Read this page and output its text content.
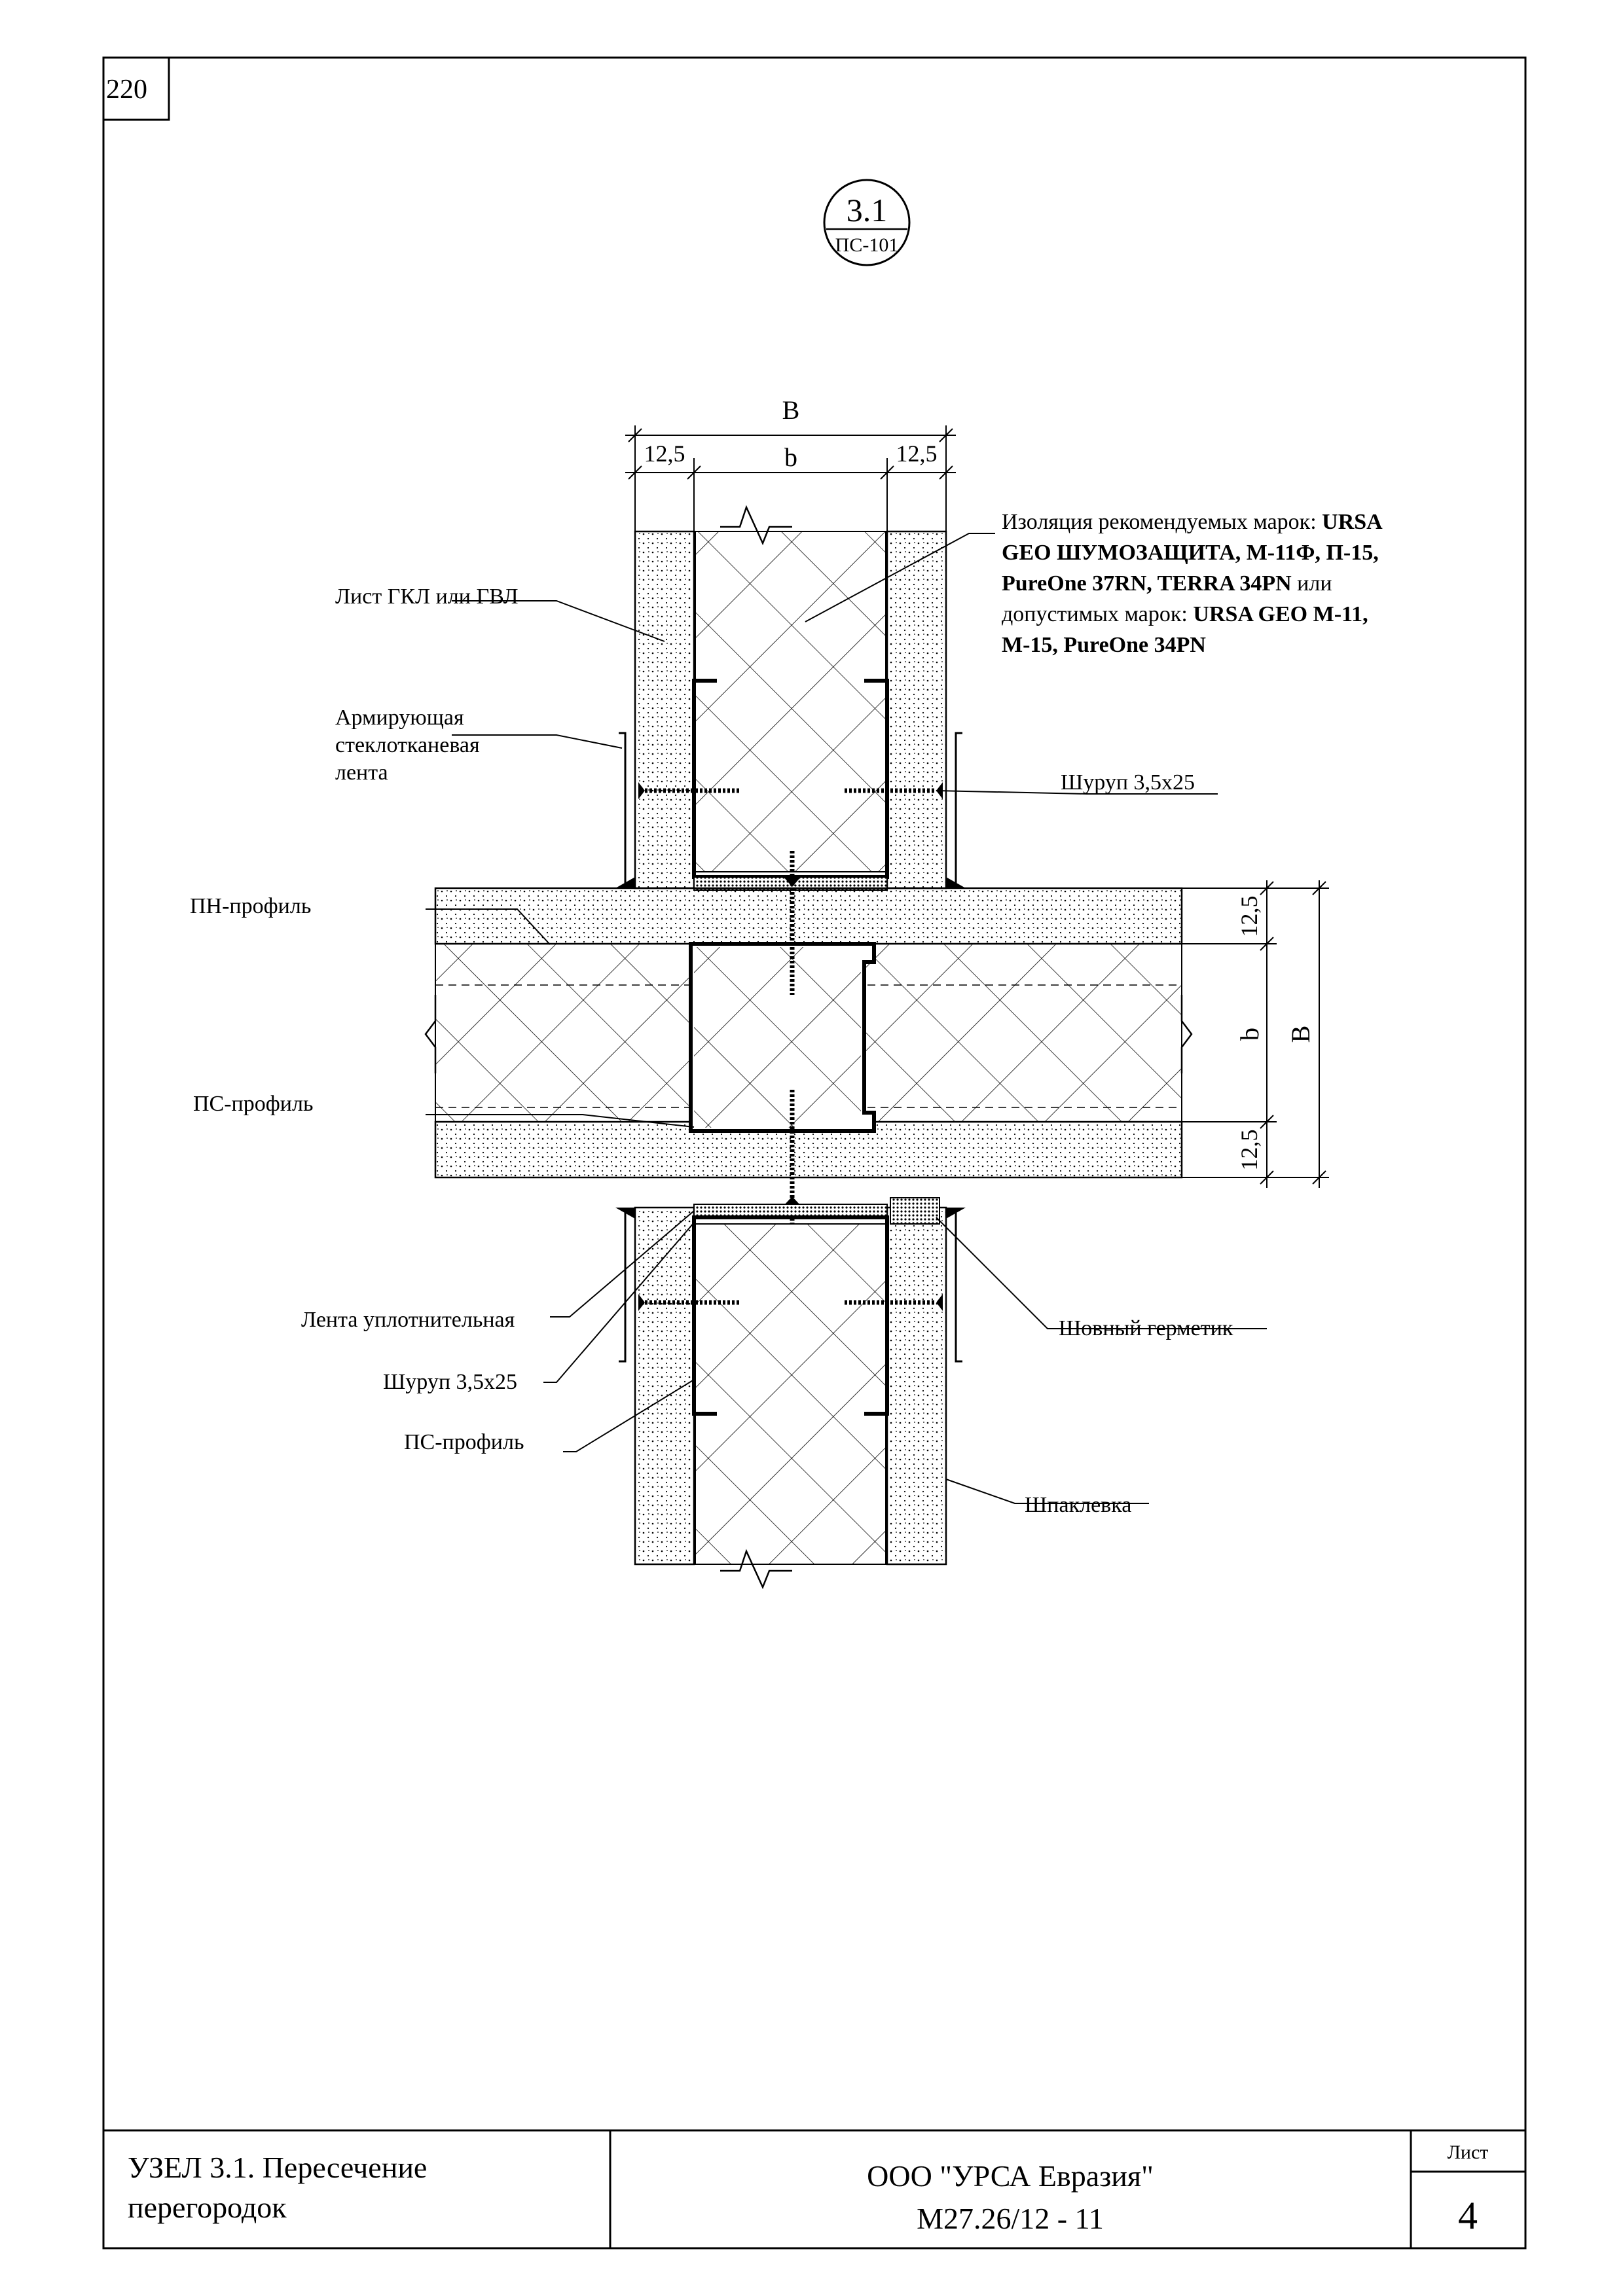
220
3.1
ПС-101
В
b
12,5	12,5
12,5
b В
12,5
Изоляция рекомендуемых марок: URSA
GEO ШУМОЗАЩИТА, М-11Ф, П-15,
PureOne 37RN, TERRA 34PN или
допустимых марок: URSA GEO М-11,
М-15, PureOne 34PN
Лист ГКЛ или ГВЛ
Армирующая
стеклотканевая
лента	Шуруп 3,5x25
ПН-профиль
ПС-профиль
Лента уплотнительная
Шуруп 3,5x25
ПС-профиль
Шовный герметик
Шпаклевка
УЗЕЛ 3.1. Пересечение
перегородок
ООО "УРСА Евразия"
М27.26/12 - 11
Лист
4
